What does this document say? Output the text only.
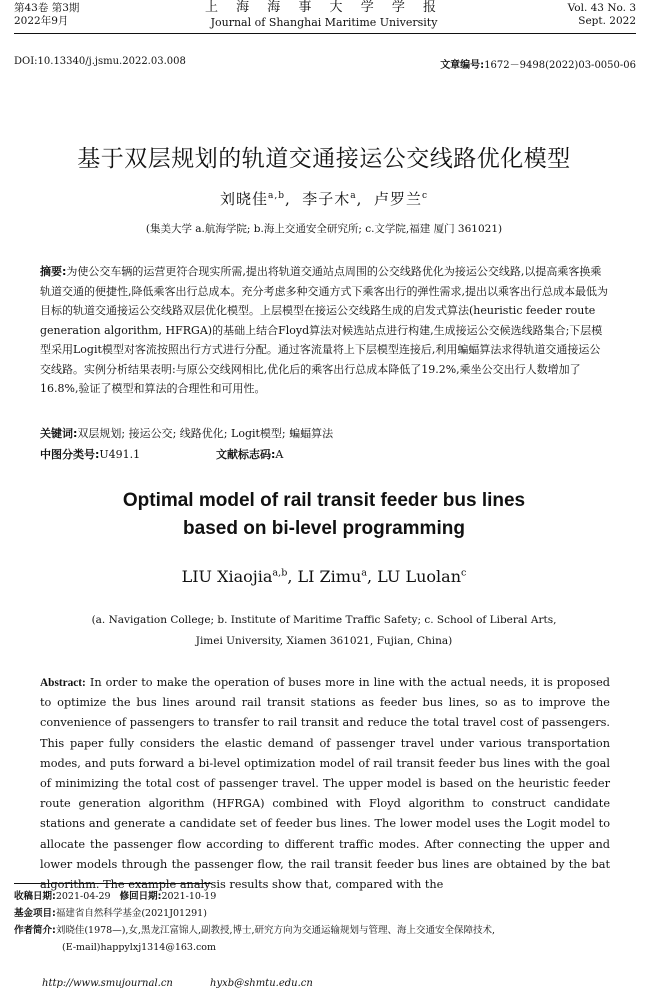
第43卷 第3期
2022年9月
上 海 海 事 大 学 学 报
Journal of Shanghai Maritime University
Vol. 43 No. 3
Sept. 2022
DOI:10.13340/j.jsmu.2022.03.008	文章编号:1672－9498(2022)03-0050-06
基于双层规划的轨道交通接运公交线路优化模型
刘晓佳$^{a,b}$,  李子木$^a$,  卢罗兰$^c$
(集美大学 a.航海学院; b.海上交通安全研究所; c.文学院,福建 厦门 361021)

摘要:为使公交车辆的运营更符合现实所需,提出将轨道交通站点周围的公交线路优化为接运公交线路,以提高乘客换乘轨道交通的便捷性,降低乘客出行总成本。充分考虑多种交通方式下乘客出行的弹性需求,提出以乘客出行总成本最低为目标的轨道交通接运公交线路双层优化模型。上层模型在接运公交线路生成的启发式算法(heuristic feeder route generation algorithm, HFRGA)的基础上结合Floyd算法对候选站点进行构建,生成接运公交候选线路集合;下层模型采用Logit模型对客流按照出行方式进行分配。通过客流量将上下层模型连接后,利用蝙蝠算法求得轨道交通接运公交线路。实例分析结果表明:与原公交线网相比,优化后的乘客出行总成本降低了19.2%,乘坐公交出行人数增加了16.8%,验证了模型和算法的合理性和可用性。

关键词:双层规划; 接运公交; 线路优化; Logit模型; 蝙蝠算法
中图分类号:U491.1	文献标志码:A
Optimal model of rail transit feeder bus lines
based on bi-level programming
LIU Xiaojia$^{a,b}$, LI Zimu$^a$, LU Luolan$^c$
(a. Navigation College; b. Institute of Maritime Traffic Safety; c. School of Liberal Arts,
Jimei University, Xiamen 361021, Fujian, China)

Abstract: In order to make the operation of buses more in line with the actual needs, it is proposed to optimize the bus lines around rail transit stations as feeder bus lines, so as to improve the convenience of passengers to transfer to rail transit and reduce the total travel cost of passengers. This paper fully considers the elastic demand of passenger travel under various transportation modes, and puts forward a bi-level optimization model of rail transit feeder bus lines with the goal of minimizing the total cost of passenger travel. The upper model is based on the heuristic feeder route generation algorithm (HFRGA) combined with Floyd algorithm to construct candidate stations and generate a candidate set of feeder bus lines. The lower model uses the Logit model to allocate the passenger flow according to different traffic modes. After connecting the upper and lower models through the passenger flow, the rail transit feeder bus lines are obtained by the bat algorithm. The example analysis results show that, compared with the

收稿日期:2021-04-29 修回日期:2021-10-19
基金项目:福建省自然科学基金(2021J01291)
作者简介:刘晓佳(1978—),女,黑龙江富锦人,副教授,博士,研究方向为交通运输规划与管理、海上交通安全保障技术,
(E-mail)happylxj1314@163.com
http://www.smujournal.cn	hyxb@shmtu.edu.cn
